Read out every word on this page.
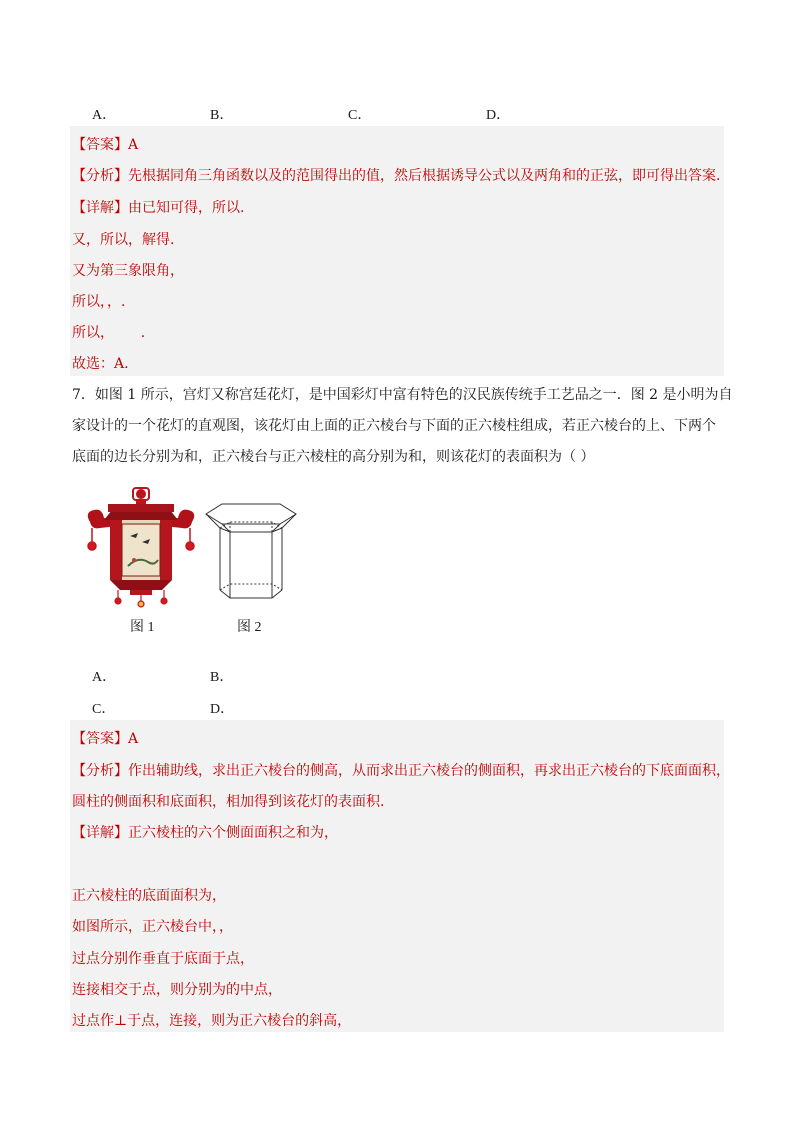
A．	B．	C．	D．
【答案】A
【分析】先根据同角三角函数以及的范围得出的值，然后根据诱导公式以及两角和的正弦，即可得出答案.
【详解】由已知可得，所以.
又，所以，解得.
又为第三象限角，
所以，，.
所以，      .
故选：A.
7．如图 1 所示，宫灯又称宫廷花灯，是中国彩灯中富有特色的汉民族传统手工艺品之一．图 2 是小明为自
家设计的一个花灯的直观图，该花灯由上面的正六棱台与下面的正六棱柱组成，若正六棱台的上、下两个
底面的边长分别为和，正六棱台与正六棱柱的高分别为和，则该花灯的表面积为（ ）
图 1	图 2
A．	B．
C．	D．
【答案】A
【分析】作出辅助线，求出正六棱台的侧高，从而求出正六棱台的侧面积，再求出正六棱台的下底面面积，
圆柱的侧面积和底面积，相加得到该花灯的表面积.
【详解】正六棱柱的六个侧面面积之和为，
正六棱柱的底面面积为，
如图所示，正六棱台中，，
过点分别作垂直于底面于点，
连接相交于点，则分别为的中点，
过点作⊥于点，连接，则为正六棱台的斜高，
